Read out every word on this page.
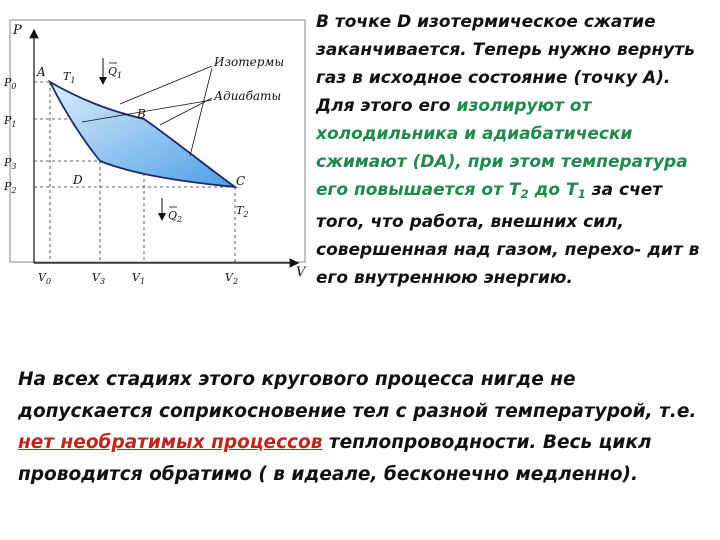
P
V
A
B
C
D
$T_1$
$T_2$
$Q_1$
$Q_2$
Изотермы
Адиабаты
$P_0$
$P_1$
$P_3$
$P_2$
$V_0$	$V_3$ $V_1$	$V_2$

В точке D изотермическое сжатие заканчивается. Теперь нужно вернуть газ в исходное состояние (точку А). Для этого его изолируют от холодильника и адиабатически сжимают (DA), при этом температура его повышается от $T_2$ до $T_1$ за счет того, что работа, внешних сил, совершенная над газом, перехо- дит в его внутреннюю энергию.

На всех стадиях этого кругового процесса нигде не допускается соприкосновение тел с разной температурой, т.е. нет необратимых процессов теплопроводности. Весь цикл проводится обратимо ( в идеале, бесконечно медленно).
